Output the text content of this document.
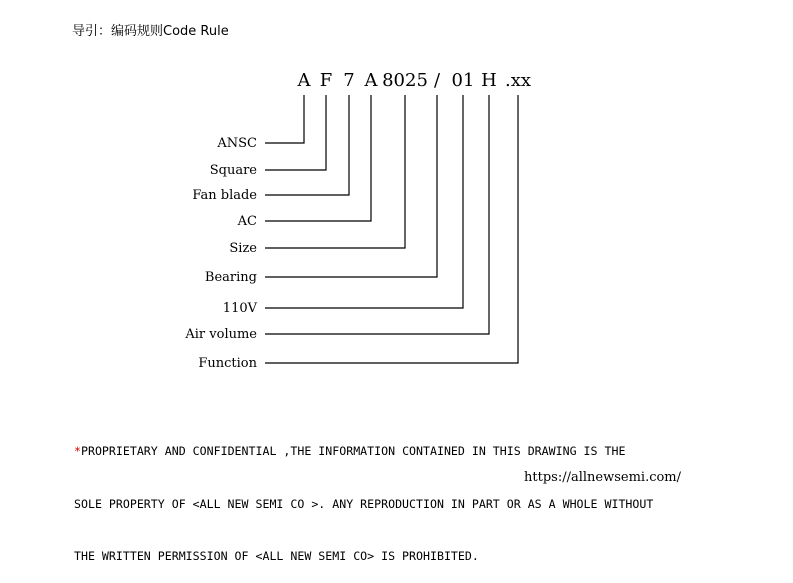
导引：编码规则Code Rule
A F 7 A 8025 / 01 H .xx
ANSC
Square
Fan blade
AC
Size
Bearing
110V
Air volume
Function

*PROPRIETARY AND CONFIDENTIAL ,THE INFORMATION CONTAINED IN THIS DRAWING IS THE

SOLE PROPERTY OF <ALL NEW SEMI CO >. ANY REPRODUCTION IN PART OR AS A WHOLE WITHOUT

THE WRITTEN PERMISSION OF <ALL NEW SEMI CO> IS PROHIBITED.

https://allnewsemi.com/
